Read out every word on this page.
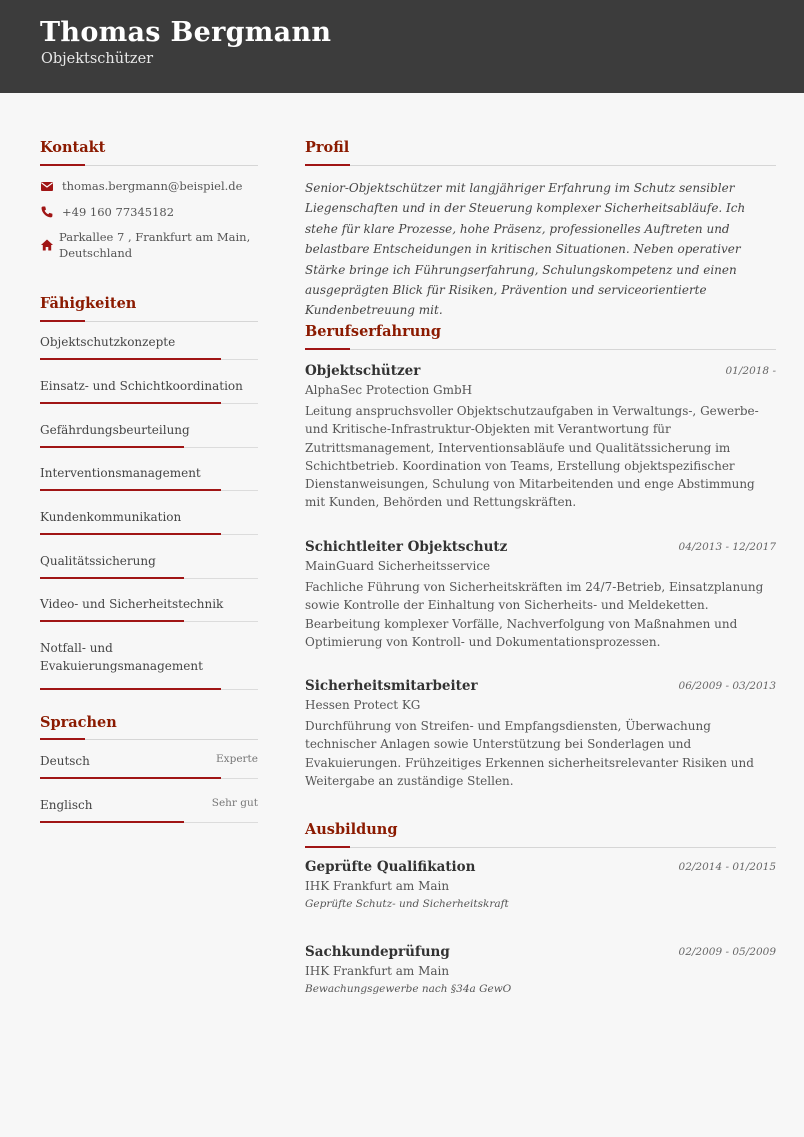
Thomas Bergmann
Objektschützer
Kontakt
thomas.bergmann@beispiel.de
+49 160 77345182
Parkallee 7 , Frankfurt am Main,
Deutschland
Fähigkeiten
Objektschutzkonzepte
Einsatz- und Schichtkoordination
Gefährdungsbeurteilung
Interventionsmanagement
Kundenkommunikation
Qualitätssicherung
Video- und Sicherheitstechnik
Notfall- und
Evakuierungsmanagement
Sprachen
Deutsch	Experte
Englisch	Sehr gut
Profil
Senior-Objektschützer mit langjähriger Erfahrung im Schutz sensibler Liegenschaften und in der Steuerung komplexer Sicherheitsabläufe. Ich stehe für klare Prozesse, hohe Präsenz, professionelles Auftreten und belastbare Entscheidungen in kritischen Situationen. Neben operativer Stärke bringe ich Führungserfahrung, Schulungskompetenz und einen ausgeprägten Blick für Risiken, Prävention und serviceorientierte Kundenbetreuung mit.
Berufserfahrung
Objektschützer	01/2018 -
AlphaSec Protection GmbH
Leitung anspruchsvoller Objektschutzaufgaben in Verwaltungs-, Gewerbe- und Kritische-Infrastruktur-Objekten mit Verantwortung für Zutrittsmanagement, Interventionsabläufe und Qualitätssicherung im Schichtbetrieb. Koordination von Teams, Erstellung objektspezifischer Dienstanweisungen, Schulung von Mitarbeitenden und enge Abstimmung mit Kunden, Behörden und Rettungskräften.
Schichtleiter Objektschutz	04/2013 - 12/2017
MainGuard Sicherheitsservice
Fachliche Führung von Sicherheitskräften im 24/7-Betrieb, Einsatzplanung sowie Kontrolle der Einhaltung von Sicherheits- und Meldeketten. Bearbeitung komplexer Vorfälle, Nachverfolgung von Maßnahmen und Optimierung von Kontroll- und Dokumentationsprozessen.
Sicherheitsmitarbeiter	06/2009 - 03/2013
Hessen Protect KG
Durchführung von Streifen- und Empfangsdiensten, Überwachung technischer Anlagen sowie Unterstützung bei Sonderlagen und Evakuierungen. Frühzeitiges Erkennen sicherheitsrelevanter Risiken und Weitergabe an zuständige Stellen.
Ausbildung
Geprüfte Qualifikation	02/2014 - 01/2015
IHK Frankfurt am Main
Geprüfte Schutz- und Sicherheitskraft
Sachkundeprüfung	02/2009 - 05/2009
IHK Frankfurt am Main
Bewachungsgewerbe nach §34a GewO
